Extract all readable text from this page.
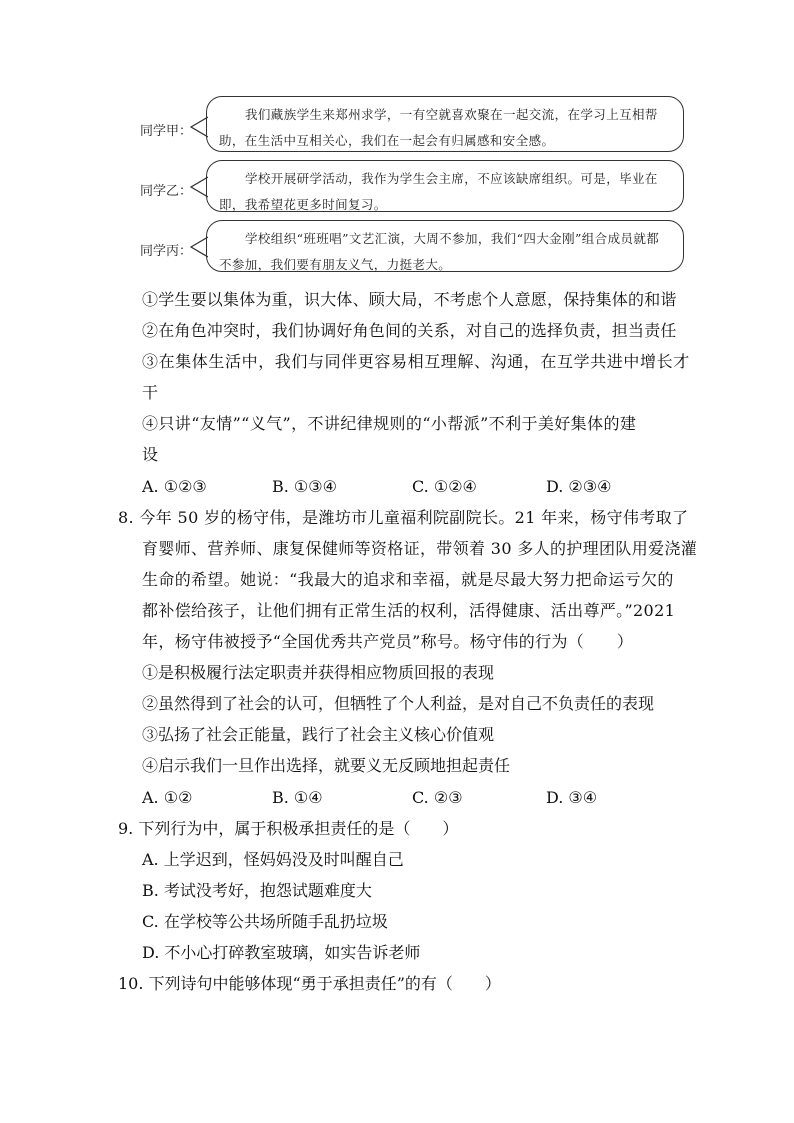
同学甲：
我们藏族学生来郑州求学，一有空就喜欢聚在一起交流，在学习上互相帮助，在生活中互相关心，我们在一起会有归属感和安全感。
同学乙：
学校开展研学活动，我作为学生会主席，不应该缺席组织。可是，毕业在即，我希望花更多时间复习。
同学丙：
学校组织“班班唱”文艺汇演，大周不参加，我们“四大金刚”组合成员就都不参加，我们要有朋友义气，力挺老大。
①学生要以集体为重，识大体、顾大局，不考虑个人意愿，保持集体的和谐
②在角色冲突时，我们协调好角色间的关系，对自己的选择负责，担当责任
③在集体生活中，我们与同伴更容易相互理解、沟通，在互学共进中增长才
干
④只讲“友情”“义气”，不讲纪律规则的“小帮派”不利于美好集体的建
设
A. ①②③	B. ①③④	C. ①②④	D. ②③④
8. 今年 50 岁的杨守伟，是潍坊市儿童福利院副院长。21 年来，杨守伟考取了
育婴师、营养师、康复保健师等资格证，带领着 30 多人的护理团队用爱浇灌
生命的希望。她说：“我最大的追求和幸福，就是尽最大努力把命运亏欠的
都补偿给孩子，让他们拥有正常生活的权利，活得健康、活出尊严。”2021
年，杨守伟被授予“全国优秀共产党员”称号。杨守伟的行为（　　）
①是积极履行法定职责并获得相应物质回报的表现
②虽然得到了社会的认可，但牺牲了个人利益，是对自己不负责任的表现
③弘扬了社会正能量，践行了社会主义核心价值观
④启示我们一旦作出选择，就要义无反顾地担起责任
A. ①②	B. ①④	C. ②③	D. ③④
9. 下列行为中，属于积极承担责任的是（　　）
A. 上学迟到，怪妈妈没及时叫醒自己
B. 考试没考好，抱怨试题难度大
C. 在学校等公共场所随手乱扔垃圾
D. 不小心打碎教室玻璃，如实告诉老师
10. 下列诗句中能够体现“勇于承担责任”的有（　　）
